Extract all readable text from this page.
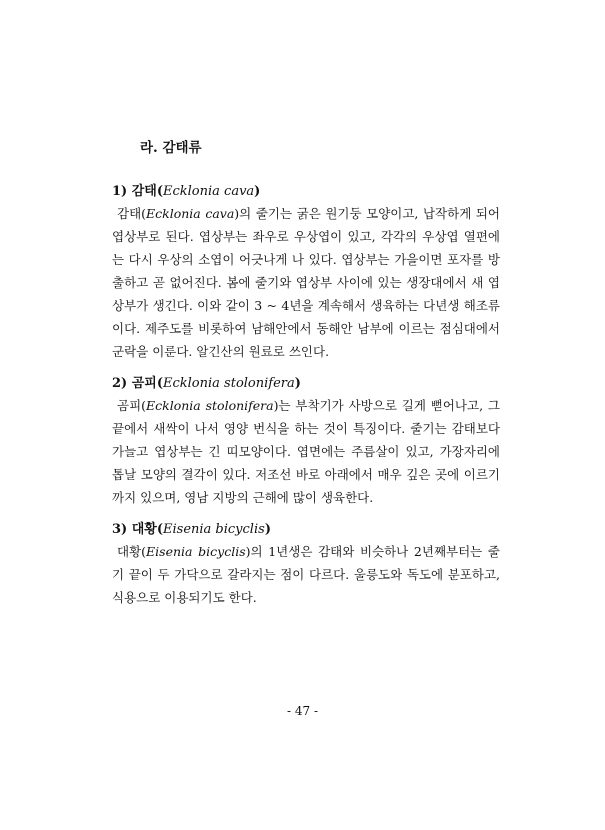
라. 감태류
1) 감태(Ecklonia cava)

감태(Ecklonia cava)의 줄기는 굵은 원기둥 모양이고, 납작하게 되어 엽상부로 된다. 엽상부는 좌우로 우상엽이 있고, 각각의 우상엽 열편에는 다시 우상의 소엽이 어긋나게 나 있다. 엽상부는 가을이면 포자를 방출하고 곧 없어진다. 봄에 줄기와 엽상부 사이에 있는 생장대에서 새 엽상부가 생긴다. 이와 같이 3 ~ 4년을 계속해서 생육하는 다년생 해조류이다. 제주도를 비롯하여 남해안에서 동해안 남부에 이르는 점심대에서 군락을 이룬다. 알긴산의 원료로 쓰인다.

2) 곰피(Ecklonia stolonifera)

곰피(Ecklonia stolonifera)는 부착기가 사방으로 길게 뻗어나고, 그 끝에서 새싹이 나서 영양 번식을 하는 것이 특징이다. 줄기는 감태보다 가늘고 엽상부는 긴 띠모양이다. 엽면에는 주름살이 있고, 가장자리에 톱날 모양의 결각이 있다. 저조선 바로 아래에서 매우 깊은 곳에 이르기까지 있으며, 영남 지방의 근해에 많이 생육한다.

3) 대황(Eisenia bicyclis)

대황(Eisenia bicyclis)의 1년생은 감태와 비슷하나 2년째부터는 줄기 끝이 두 가닥으로 갈라지는 점이 다르다. 울릉도와 독도에 분포하고, 식용으로 이용되기도 한다.

- 47 -
